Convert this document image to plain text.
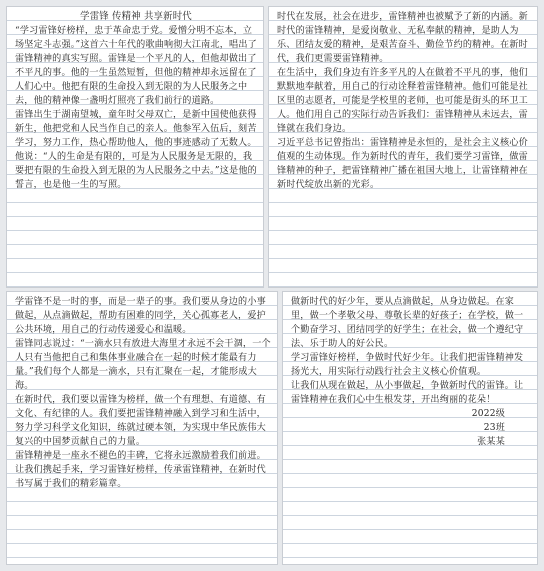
学雷锋 传精神 共享新时代

“学习雷锋好榜样，忠于革命忠于党。爱憎分明不忘本，立场坚定斗志强。”这首六十年代的歌曲响彻大江南北，唱出了雷锋精神的真实写照。雷锋是一个平凡的人，但他却做出了不平凡的事。他的一生虽然短暂，但他的精神却永远留在了人们心中。他把有限的生命投入到无限的为人民服务之中去，他的精神像一盏明灯照亮了我们前行的道路。

雷锋出生于湖南望城，童年时父母双亡，是新中国使他获得新生，他把党和人民当作自己的亲人。他参军入伍后，刻苦学习，努力工作，热心帮助他人，他的事迹感动了无数人。他说：“人的生命是有限的，可是为人民服务是无限的，我要把有限的生命投入到无限的为人民服务之中去。”这是他的誓言，也是他一生的写照。

时代在发展，社会在进步，雷锋精神也被赋予了新的内涵。新时代的雷锋精神，是爱岗敬业、无私奉献的精神，是助人为乐、团结友爱的精神，是艰苦奋斗、勤俭节约的精神。在新时代，我们更需要雷锋精神。

在生活中，我们身边有许多平凡的人在做着不平凡的事，他们默默地奉献着，用自己的行动诠释着雷锋精神。他们可能是社区里的志愿者，可能是学校里的老师，也可能是街头的环卫工人。他们用自己的实际行动告诉我们：雷锋精神从未远去，雷锋就在我们身边。

习近平总书记曾指出：雷锋精神是永恒的，是社会主义核心价值观的生动体现。作为新时代的青年，我们要学习雷锋，做雷锋精神的种子，把雷锋精神广播在祖国大地上，让雷锋精神在新时代绽放出新的光彩。

学雷锋不是一时的事，而是一辈子的事。我们要从身边的小事做起，从点滴做起，帮助有困难的同学，关心孤寡老人，爱护公共环境，用自己的行动传递爱心和温暖。

雷锋同志说过：“一滴水只有放进大海里才永远不会干涸，一个人只有当他把自己和集体事业融合在一起的时候才能最有力量。”我们每个人都是一滴水，只有汇聚在一起，才能形成大海。

在新时代，我们要以雷锋为榜样，做一个有理想、有道德、有文化、有纪律的人。我们要把雷锋精神融入到学习和生活中，努力学习科学文化知识，练就过硬本领，为实现中华民族伟大复兴的中国梦贡献自己的力量。

雷锋精神是一座永不褪色的丰碑，它将永远激励着我们前进。让我们携起手来，学习雷锋好榜样，传承雷锋精神，在新时代书写属于我们的精彩篇章。

做新时代的好少年，要从点滴做起，从身边做起。在家里，做一个孝敬父母、尊敬长辈的好孩子；在学校，做一个勤奋学习、团结同学的好学生；在社会，做一个遵纪守法、乐于助人的好公民。

学习雷锋好榜样，争做时代好少年。让我们把雷锋精神发扬光大，用实际行动践行社会主义核心价值观。

让我们从现在做起，从小事做起，争做新时代的雷锋。让雷锋精神在我们心中生根发芽，开出绚丽的花朵！

2022级

23班

张某某
